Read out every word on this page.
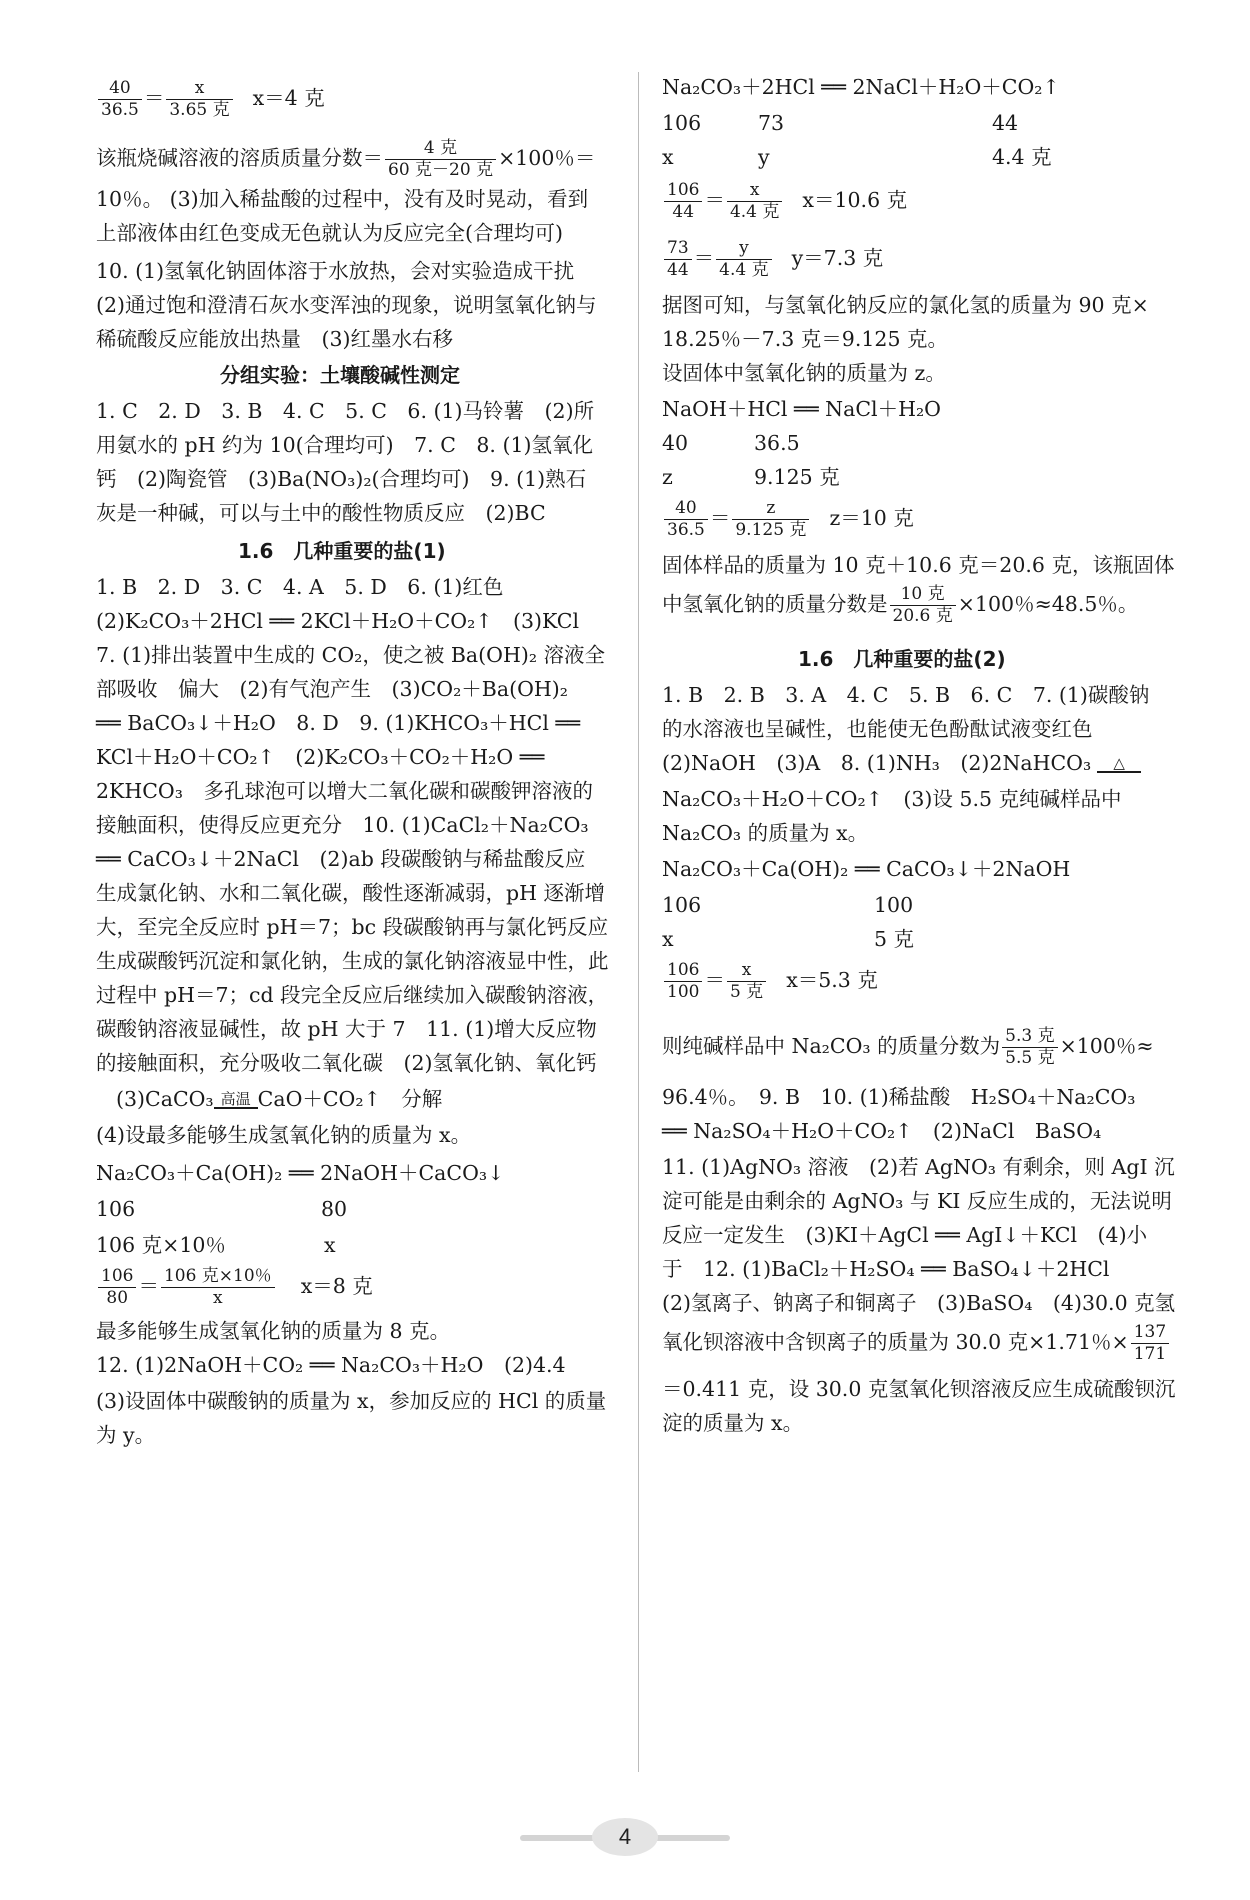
$\frac{40}{36.5} = \frac{x}{\text{3.65 克}} x=4$ 克
该瓶烧碱溶液的溶质质量分数＝ $\frac{\text{4 克}}{\text{60 克－20 克}} \times 100$％＝
10％。 (3)加入稀盐酸的过程中，没有及时晃动，看到
上部液体由红色变成无色就认为反应完全(合理均可)
10. (1)氢氧化钠固体溶于水放热，会对实验造成干扰
(2)通过饱和澄清石灰水变浑浊的现象，说明氢氧化钠与
稀硫酸反应能放出热量　(3)红墨水右移
分组实验：土壤酸碱性测定
1. C　2. D　3. B　4. C　5. C　6. (1)马铃薯　(2)所
用氨水的 pH 约为 10(合理均可)　7. C　8. (1)氢氧化
钙　(2)陶瓷管　(3)Ba(NO₃)₂(合理均可)　9. (1)熟石
灰是一种碱，可以与土中的酸性物质反应　(2)BC
1.6　几种重要的盐(1)
1. B　2. D　3. C　4. A　5. D　6. (1)红色
(2)K₂CO₃＋2HCl ══ 2KCl＋H₂O＋CO₂↑　(3)KCl
7. (1)排出装置中生成的 CO₂，使之被 Ba(OH)₂ 溶液全
部吸收　偏大　(2)有气泡产生　(3)CO₂＋Ba(OH)₂
══ BaCO₃↓＋H₂O　8. D　9. (1)KHCO₃＋HCl ══
KCl＋H₂O＋CO₂↑　(2)K₂CO₃＋CO₂＋H₂O ══
2KHCO₃　多孔球泡可以增大二氧化碳和碳酸钾溶液的
接触面积，使得反应更充分　10. (1)CaCl₂＋Na₂CO₃
══ CaCO₃↓＋2NaCl　(2)ab 段碳酸钠与稀盐酸反应
生成氯化钠、水和二氧化碳，酸性逐渐减弱，pH 逐渐增
大，至完全反应时 pH＝7；bc 段碳酸钠再与氯化钙反应
生成碳酸钙沉淀和氯化钠，生成的氯化钠溶液显中性，此
过程中 pH＝7；cd 段完全反应后继续加入碳酸钠溶液，
碳酸钠溶液显碱性，故 pH 大于 7　11. (1)增大反应物
的接触面积，充分吸收二氧化碳　(2)氢氧化钠、氧化钙
(3)CaCO₃ 高温 CaO＋CO₂↑　分解
(4)设最多能够生成氢氧化钠的质量为 x。
Na₂CO₃＋Ca(OH)₂ ══ 2NaOH＋CaCO₃↓
106	80
106 克×10％	x
$\frac{106}{80} = \frac{\text{106 克×10％}}{x} x=8$ 克
最多能够生成氢氧化钠的质量为 8 克。
12. (1)2NaOH＋CO₂ ══ Na₂CO₃＋H₂O　(2)4.4
(3)设固体中碳酸钠的质量为 x，参加反应的 HCl 的质量
为 y。
Na₂CO₃＋2HCl ══ 2NaCl＋H₂O＋CO₂↑
106	73	44
x	y	4.4 克
$\frac{106}{44} = \frac{x}{\text{4.4 克}} x=10.6$ 克
$\frac{73}{44} = \frac{y}{\text{4.4 克}} y=7.3$ 克
据图可知，与氢氧化钠反应的氯化氢的质量为 90 克×
18.25％－7.3 克＝9.125 克。
设固体中氢氧化钠的质量为 z。
NaOH＋HCl ══ NaCl＋H₂O
40	36.5
z	9.125 克
$\frac{40}{36.5} = \frac{z}{\text{9.125 克}} z=10$ 克
固体样品的质量为 10 克＋10.6 克＝20.6 克，该瓶固体
中氢氧化钠的质量分数是 $\frac{\text{10 克}}{\text{20.6 克}} \times 100$％≈48.5％。
1.6　几种重要的盐(2)
1. B　2. B　3. A　4. C　5. B　6. C　7. (1)碳酸钠
的水溶液也呈碱性，也能使无色酚酞试液变红色
(2)NaOH　(3)A　8. (1)NH₃　(2)2NaHCO₃	△
Na₂CO₃＋H₂O＋CO₂↑　(3)设 5.5 克纯碱样品中
Na₂CO₃ 的质量为 x。
Na₂CO₃＋Ca(OH)₂ ══ CaCO₃↓＋2NaOH
106	100
x	5 克
$\frac{106}{100} = \frac{x}{\text{5 克}} x=5.3$ 克
则纯碱样品中 Na₂CO₃ 的质量分数为 $\frac{\text{5.3 克}}{\text{5.5 克}} \times 100$％≈
96.4％。　9. B　10. (1)稀盐酸　H₂SO₄＋Na₂CO₃
══ Na₂SO₄＋H₂O＋CO₂↑　(2)NaCl　BaSO₄
11. (1)AgNO₃ 溶液　(2)若 AgNO₃ 有剩余，则 AgI 沉
淀可能是由剩余的 AgNO₃ 与 KI 反应生成的，无法说明
反应一定发生　(3)KI＋AgCl ══ AgI↓＋KCl　(4)小
于　12. (1)BaCl₂＋H₂SO₄ ══ BaSO₄↓＋2HCl
(2)氢离子、钠离子和铜离子　(3)BaSO₄　(4)30.0 克氢
氧化钡溶液中含钡离子的质量为 30.0 克×1.71％× $\frac{137}{171}$
＝0.411 克，设 30.0 克氢氧化钡溶液反应生成硫酸钡沉
淀的质量为 x。
4
